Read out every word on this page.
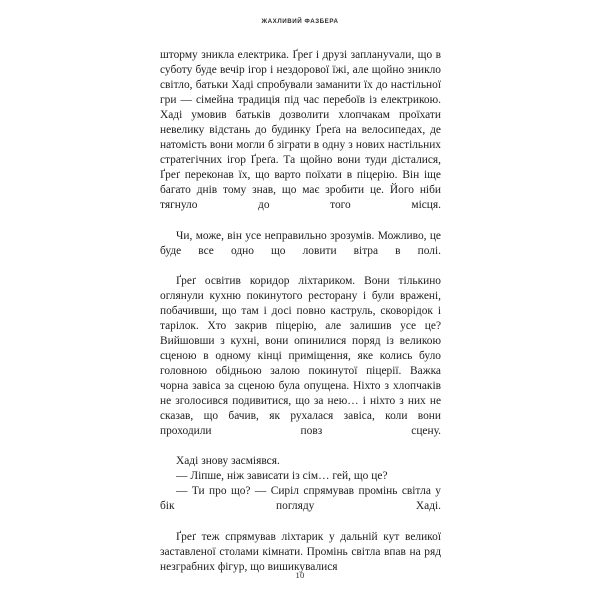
ЖАХЛИВИЙ ФАЗБЕРА

шторму зникла електрика. Ґреґ і друзі заплануvали, що в суботу буде вечір ігор і нездорової їжі, але щойно зникло світло, батьки Хаді спробували заманити їх до настільної гри — сімейна традиція під час перебоїв із електрикою. Хаді умовив батьків дозволити хлопчакам проїхати невелику відстань до будинку Ґреґа на велосипедах, де натомість вони могли б зіграти в одну з нових настільних стратегічних ігор Ґреґа. Та щойно вони туди дісталися, Ґреґ переконав їх, що варто поїхати в піцерію. Він іще багато днів тому знав, що має зробити це. Його ніби тягнуло до того місця.

Чи, може, він усе неправильно зрозумів. Можливо, це буде все одно що ловити вітра в полі.

Ґреґ освітив коридор ліхтариком. Вони тількино оглянули кухню покинутого ресторану і були вражені, побачивши, що там і досі повно каструль, сковорідок і тарілок. Хто закрив піцерію, але залишив усе це? Вийшовши з кухні, вони опинилися поряд із великою сценою в одному кінці приміщення, яке колись було головною обідньою залою покинутої піцерії. Важка чорна завіса за сценою була опущена. Ніхто з хлопчаків не зголосився подивитися, що за нею… і ніхто з них не сказав, що бачив, як рухалася завіса, коли вони проходили повз сцену.

Хаді знову засміявся.

— Ліпше, ніж зависати із сім… гей, що це?

— Ти про що? — Сиріл спрямував промінь світла у бік погляду Хаді.

Ґреґ теж спрямував ліхтарик у дальній кут великої заставленої столами кімнати. Промінь світла впав на ряд незграбних фігур, що вишикувалися

10
